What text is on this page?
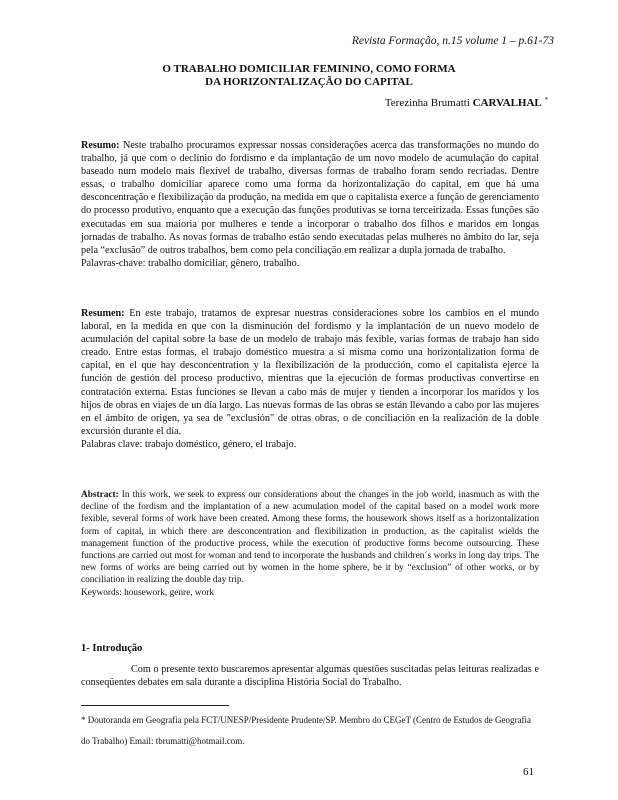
Revista Formação, n.15 volume 1 – p.61-73
O TRABALHO DOMICILIAR FEMININO, COMO FORMA
DA HORIZONTALIZAÇÃO DO CAPITAL
Terezinha Brumatti CARVALHAL *
Resumo: Neste trabalho procuramos expressar nossas considerações acerca das transformações no mundo do trabalho, já que com o declínio do fordismo e da implantação de um novo modelo de acumulação do capital baseado num modelo mais flexível de trabalho, diversas formas de trabalho foram sendo recriadas. Dentre essas, o trabalho domiciliar aparece como uma forma da horizontalização do capital, em que há uma desconcentração e flexibilização da produção, na medida em que o capitalista exerce a função de gerenciamento do processo produtivo, enquanto que a execução das funções produtivas se torna terceirizada. Essas funções são executadas em sua maioria por mulheres e tende a incorporar o trabalho dos filhos e maridos em longas jornadas de trabalho. As novas formas de trabalho estão sendo executadas pelas mulheres no âmbito do lar, seja pela “exclusão” de outros trabalhos, bem como pela conciliação em realizar a dupla jornada de trabalho.
Palavras-chave: trabalho domiciliar, gênero, trabalho.
Resumen: En este trabajo, tratamos de expresar nuestras consideraciones sobre los cambios en el mundo laboral, en la medida en que con la disminución del fordismo y la implantación de un nuevo modelo de acumulación del capital sobre la base de un modelo de trabajo más fexible, varias formas de trabajo han sido creado. Entre estas formas, el trabajo doméstico muestra a sí misma como una horizontalization forma de capital, en el que hay desconcentration y la flexibilización de la producción, como el capitalista ejerce la función de gestión del proceso productivo, mientras que la ejecución de formas productivas convertirse en contratación externa. Estas funciones se llevan a cabo más de mujer y tienden a incorporar los maridos y los hijos de obras en viajes de un día largo. Las nuevas formas de las obras se están llevando a cabo por las mujeres en el ámbito de origen, ya sea de "exclusión" de otras obras, o de conciliación en la realización de la doble excursión durante el día.
Palabras clave: trabajo doméstico, género, el trabajo.
Abstract: In this work, we seek to express our considerations about the changes in the job world, inasmuch as with the decline of the fordism and the implantation of a new acumulation model of the capital based on a model work more fexible, several forms of work have been created. Among these forms, the housework shows itself as a horizontalization form of capital, in which there are desconcentration and flexibilization in production, as the capitalist wields the management function of the productive process, while the execution of productive forms become outsourcing. These functions are carried out most for woman and tend to incorporate the husbands and children´s works in long day trips. The new forms of works are being carried out by women in the home sphere, be it by “exclusion” of other works, or by conciliation in realizing the double day trip.
Keywords: housework, genre, work
1- Introdução
Com o presente texto buscaremos apresentar algumas questões suscitadas pelas leituras realizadas e conseqüentes debates em sala durante a disciplina História Social do Trabalho.
* Doutoranda em Geografia pela FCT/UNESP/Presidente Prudente/SP. Membro do CEGeT (Centro de Estudos de Geografia do Trabalho) Email: tbrumatti@hotmail.com.
61
